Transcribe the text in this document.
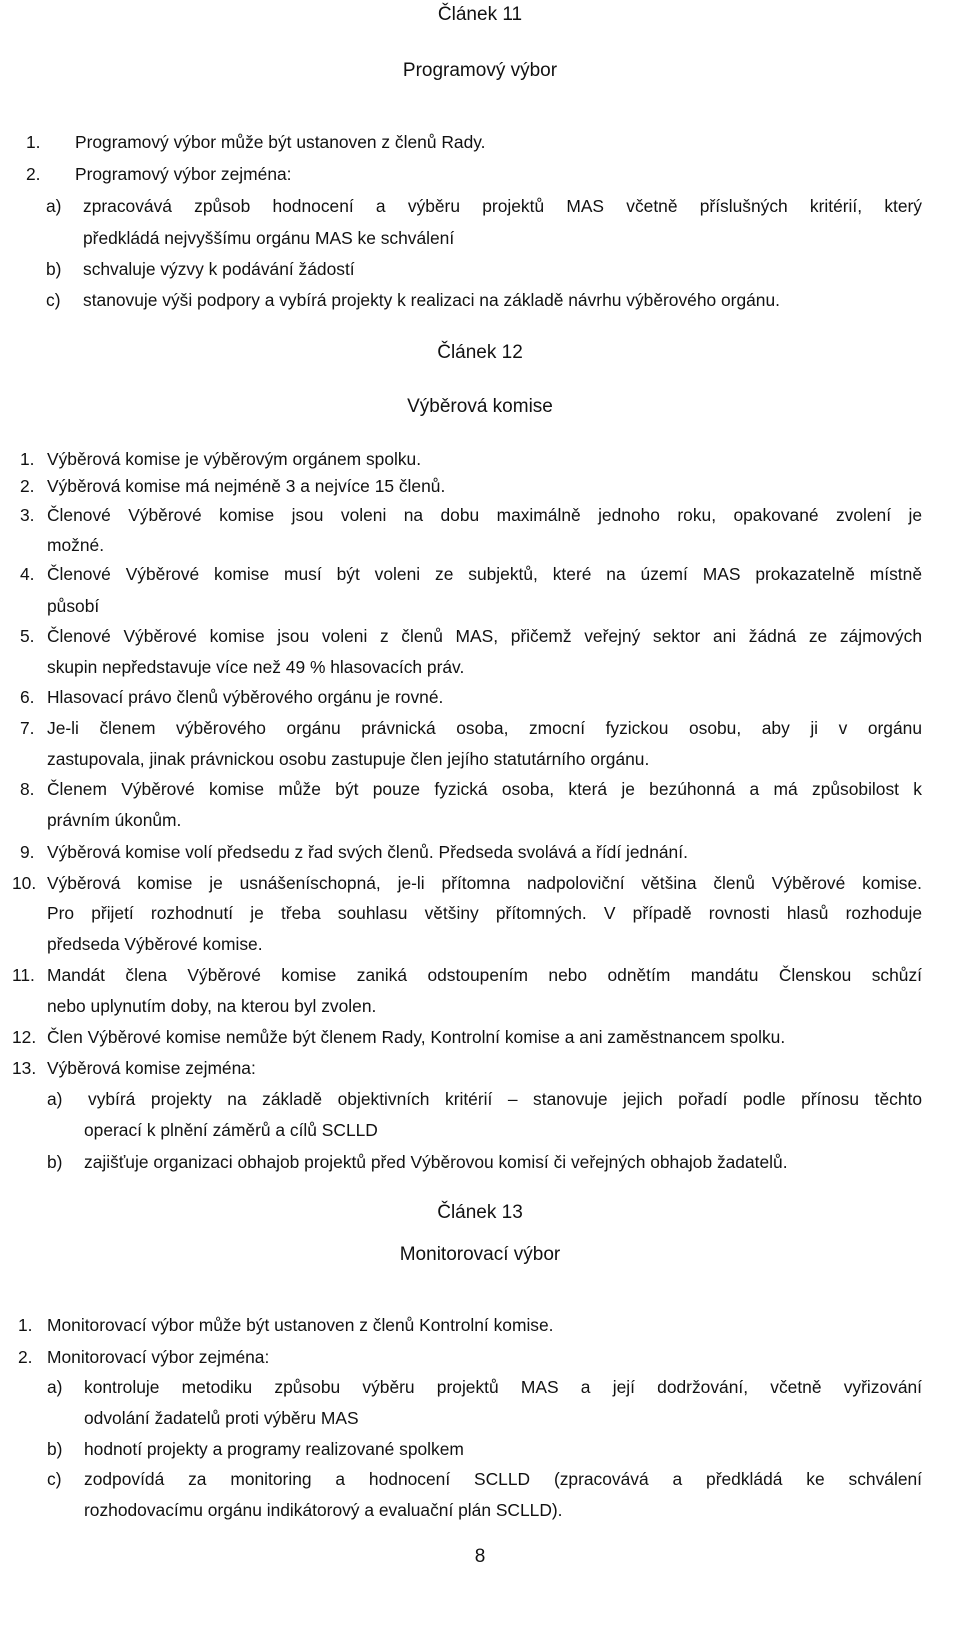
Článek 11
Programový výbor
1. Programový výbor může být ustanoven z členů Rady.
2. Programový výbor zejména:
a) zpracovává způsob hodnocení a výběru projektů MAS včetně příslušných kritérií, který
předkládá nejvyššímu orgánu MAS ke schválení
b) schvaluje výzvy k podávání žádostí
c) stanovuje výši podpory a vybírá projekty k realizaci na základě návrhu výběrového orgánu.
Článek 12
Výběrová komise
1. Výběrová komise je výběrovým orgánem spolku.
2. Výběrová komise má nejméně 3 a nejvíce 15 členů.
3. Členové Výběrové komise jsou voleni na dobu maximálně jednoho roku, opakované zvolení je
možné.
4. Členové Výběrové komise musí být voleni ze subjektů, které na území MAS prokazatelně místně
působí
5. Členové Výběrové komise jsou voleni z členů MAS, přičemž veřejný sektor ani žádná ze zájmových
skupin nepředstavuje více než 49 % hlasovacích práv.
6. Hlasovací právo členů výběrového orgánu je rovné.
7. Je-li členem výběrového orgánu právnická osoba, zmocní fyzickou osobu, aby ji v orgánu
zastupovala, jinak právnickou osobu zastupuje člen jejího statutárního orgánu.
8. Členem Výběrové komise může být pouze fyzická osoba, která je bezúhonná a má způsobilost k
právním úkonům.
9. Výběrová komise volí předsedu z řad svých členů. Předseda svolává a řídí jednání.
10. Výběrová komise je usnášeníschopná, je-li přítomna nadpoloviční většina členů Výběrové komise.
Pro přijetí rozhodnutí je třeba souhlasu většiny přítomných. V případě rovnosti hlasů rozhoduje
předseda Výběrové komise.
11. Mandát člena Výběrové komise zaniká odstoupením nebo odnětím mandátu Členskou schůzí
nebo uplynutím doby, na kterou byl zvolen.
12. Člen Výběrové komise nemůže být členem Rady, Kontrolní komise a ani zaměstnancem spolku.
13. Výběrová komise zejména:
a) vybírá projekty na základě objektivních kritérií – stanovuje jejich pořadí podle přínosu těchto
operací k plnění záměrů a cílů SCLLD
b) zajišťuje organizaci obhajob projektů před Výběrovou komisí či veřejných obhajob žadatelů.
Článek 13
Monitorovací výbor
1. Monitorovací výbor může být ustanoven z členů Kontrolní komise.
2. Monitorovací výbor zejména:
a) kontroluje metodiku způsobu výběru projektů MAS a její dodržování, včetně vyřizování
odvolání žadatelů proti výběru MAS
b) hodnotí projekty a programy realizované spolkem
c) zodpovídá za monitoring a hodnocení SCLLD (zpracovává a předkládá ke schválení
rozhodovacímu orgánu indikátorový a evaluační plán SCLLD).
8
